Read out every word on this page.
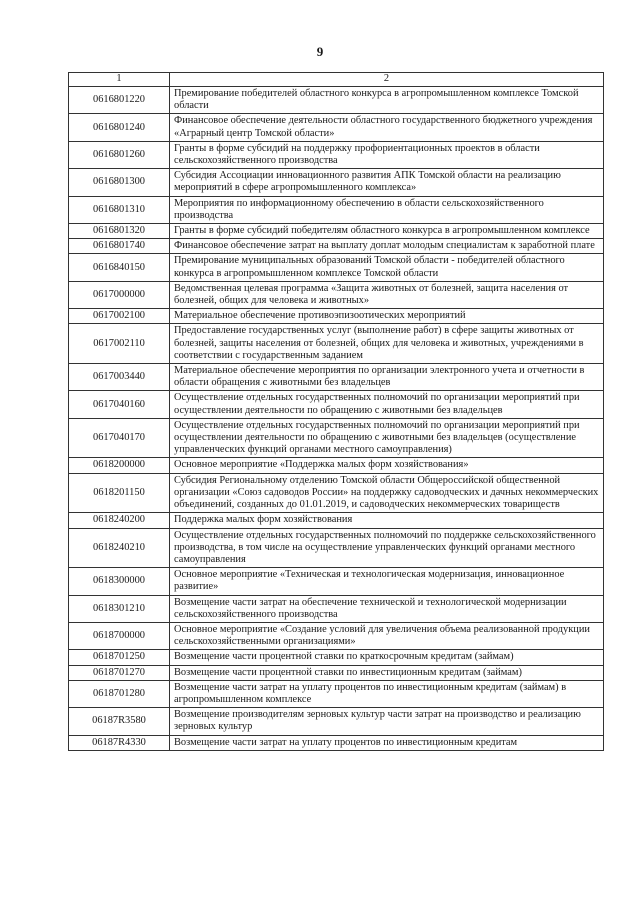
9
1	2
0616801220	Премирование победителей областного конкурса в агропромышленном комплексе Томской области
0616801240	Финансовое обеспечение деятельности областного государственного бюджетного учреждения «Аграрный центр Томской области»
0616801260	Гранты в форме субсидий на поддержку профориентационных проектов в области сельскохозяйственного производства
0616801300	Субсидия Ассоциации инновационного развития АПК Томской области на реализацию мероприятий в сфере агропромышленного комплекса»
0616801310	Мероприятия по информационному обеспечению в области сельскохозяйственного производства
0616801320	Гранты в форме субсидий победителям областного конкурса в агропромышленном комплексе
0616801740	Финансовое обеспечение затрат на выплату доплат молодым специалистам к заработной плате
0616840150	Премирование муниципальных образований Томской области - победителей областного конкурса в агропромышленном комплексе Томской области
0617000000	Ведомственная целевая программа «Защита животных от болезней, защита населения от болезней, общих для человека и животных»
0617002100	Материальное обеспечение противоэпизоотических мероприятий
0617002110	Предоставление государственных услуг (выполнение работ) в сфере защиты животных от болезней, защиты населения от болезней, общих для человека и животных, учреждениями в соответствии с государственным заданием
0617003440	Материальное обеспечение мероприятия по организации электронного учета и отчетности в области обращения с животными без владельцев
0617040160	Осуществление отдельных государственных полномочий по организации мероприятий при осуществлении деятельности по обращению с животными без владельцев
0617040170	Осуществление отдельных государственных полномочий по организации мероприятий при осуществлении деятельности по обращению с животными без владельцев (осуществление управленческих функций органами местного самоуправления)
0618200000	Основное мероприятие «Поддержка малых форм хозяйствования»
0618201150	Субсидия Региональному отделению Томской области Общероссийской общественной организации «Союз садоводов России» на поддержку садоводческих и дачных некоммерческих объединений, созданных до 01.01.2019, и садоводческих некоммерческих товариществ
0618240200	Поддержка малых форм хозяйствования
0618240210	Осуществление отдельных государственных полномочий по поддержке сельскохозяйственного производства, в том числе на осуществление управленческих функций органами местного самоуправления
0618300000	Основное мероприятие «Техническая и технологическая модернизация, инновационное развитие»
0618301210	Возмещение части затрат на обеспечение технической и технологической модернизации сельскохозяйственного производства
0618700000	Основное мероприятие «Создание условий для увеличения объема реализованной продукции сельскохозяйственными организациями»
0618701250	Возмещение части процентной ставки по краткосрочным кредитам (займам)
0618701270	Возмещение части процентной ставки по инвестиционным кредитам (займам)
0618701280	Возмещение части затрат на уплату процентов по инвестиционным кредитам (займам) в агропромышленном комплексе
06187R3580	Возмещение производителям зерновых культур части затрат на производство и реализацию зерновых культур
06187R4330	Возмещение части затрат на уплату процентов по инвестиционным кредитам
